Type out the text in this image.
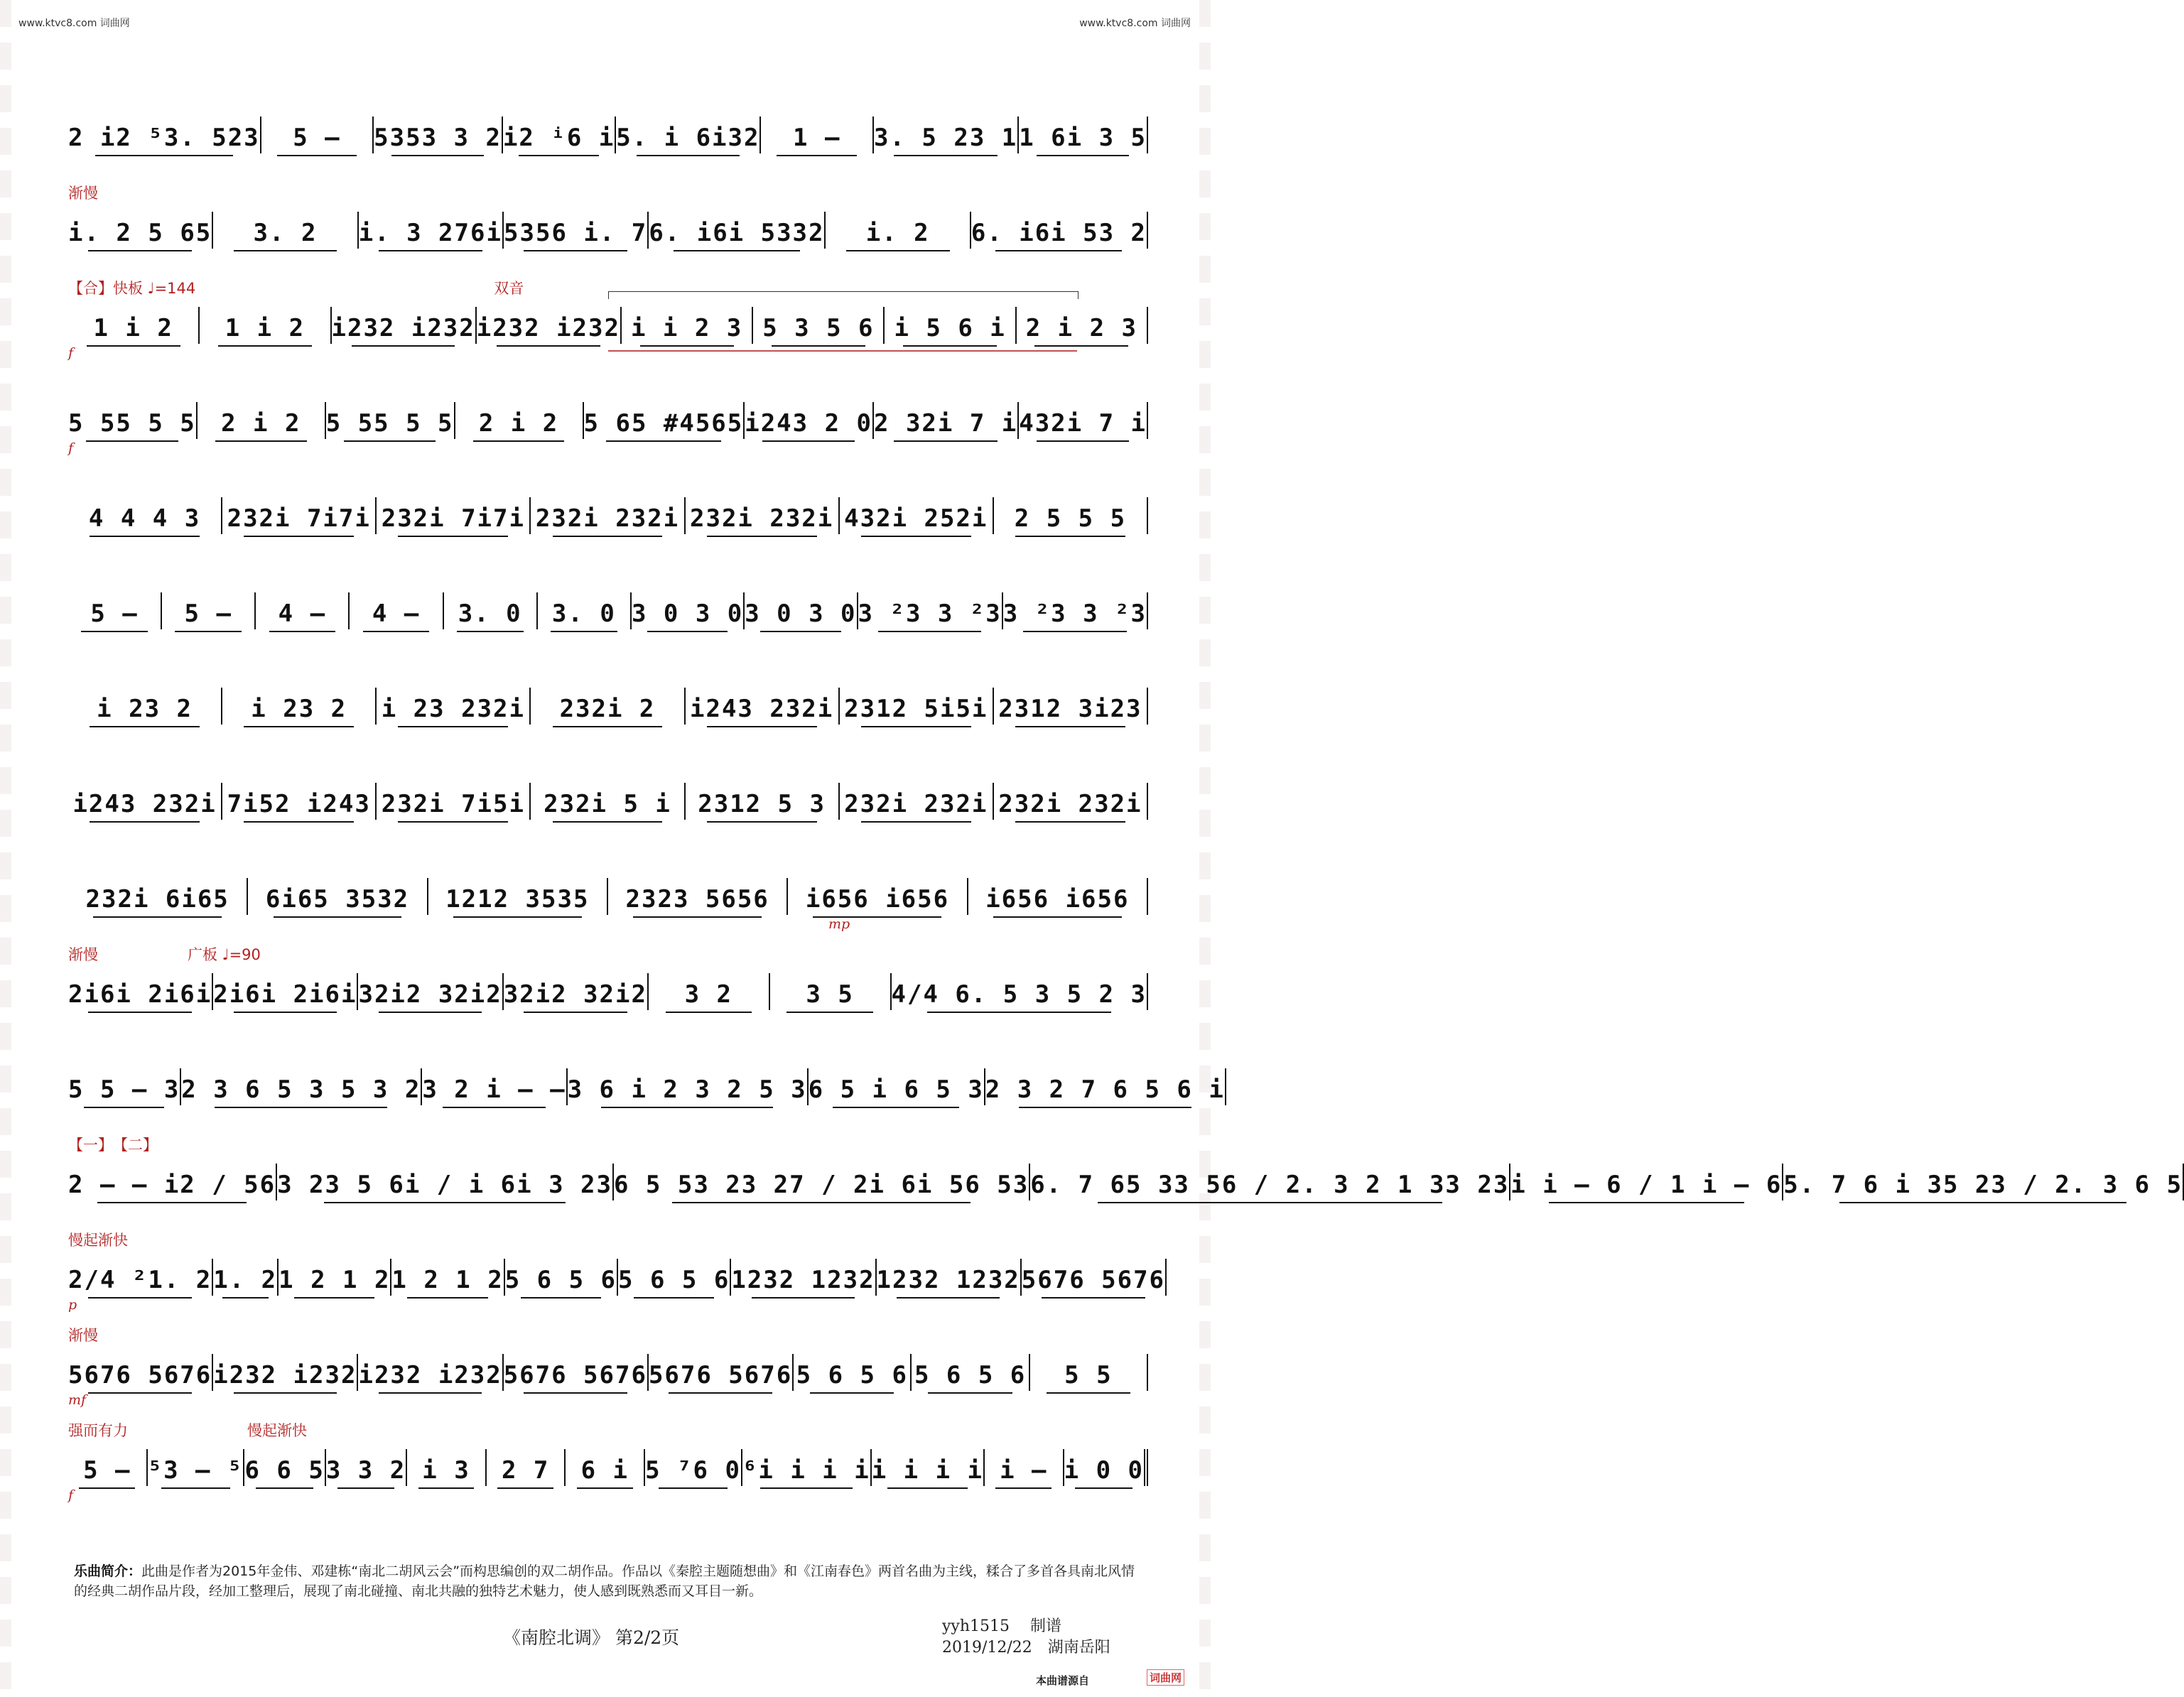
www.ktvc8.com 词曲网	www.ktvc8.com 词曲网
2 i2 ⁵3. 523	5 —	5353 3 2 i2 ⁱ6 i 5. i 6i32	1 —	3. 5 23 1 1 6i 3 5
渐慢
i. 2 5 65	3. 2	i. 3 276i 5356 i. 7 6. i6i 5332	i. 2	6. i6i 53 2
【合】快板 ♩=144　　　　　　　　　　　　　　　　　　　　双音
1 i 2	1 i 2	i232 i232 i232 i232 i i 2 3 5 3 5 6 i 5 6 i 2 i 2 3
f
5 55 5 5	2 i 2	5 55 5 5	2 i 2	5 65 #4565 i243 2 0 2 32i 7 i 432i 7 i
f
4 4 4 3	232i 7i7i 232i 7i7i 232i 232i 232i 232i 432i 252i	2 5 5 5
5 —	5 —	4 —	4 —	3. 0	3. 0 3 0 3 0 3 0 3 0 3 ²3 3 ²3 3 ²3 3 ²3
i 23 2	i 23 2	i 23 232i	232i 2	i243 232i 2312 5i5i 2312 3i23
i243 232i 7i52 i243 232i 7i5i 232i 5 i	2312 5 3 232i 232i 232i 232i
232i 6i65	6i65 3532	1212 3535	2323 5656	i656 i656	i656 i656
mp
渐慢　　　　　　广板 ♩=90
2i6i 2i6i 2i6i 2i6i 32i2 32i2 32i2 32i2	3 2	3 5	4/4 6. 5 3 5 2 3
5 5 — 3 2 3 6 5 3 5 3 2 3 2 i — — 3 6 i 2 3 2 5 3 6 5 i 6 5 3 2 3 2 7 6 5 6 i
【一】　【二】
2 — — i2 / 56 3 23 5 6i / i 6i 3 23 6 5 53 23 27 / 2i 6i 56 53 6. 7 65 33 56 / 2. 3 2 1 33 23 i i — 6 / 1 i — 6 5. 7 6 i 35 23 / 2. 3 6 5
慢起渐快
2/4 ²1. 2 1. 2 1 2 1 2 1 2 1 2 5 6 5 6 5 6 5 6 1232 1232 1232 1232 5676 5676
p
渐慢
5676 5676 i232 i232 i232 i232 5676 5676 5676 5676 5 6 5 6 5 6 5 6	5 5
mf
强而有力　　　　　　　　慢起渐快
5 — ⁵3 — ⁵ 6 6 5 3 3 2 i 3	2 7	6 i 5 ⁷6 0 ⁶i i i i i i i i i — i 0 0
f
乐曲简介：此曲是作者为2015年金伟、邓建栋“南北二胡风云会”而构思编创的双二胡作品。作品以《秦腔主题随想曲》和《江南春色》两首名曲为主线，糅合了多首各具南北风情的经典二胡作品片段，经加工整理后，展现了南北碰撞、南北共融的独特艺术魅力，使人感到既熟悉而又耳目一新。
《南腔北调》 第2/2页
yyh1515　 制谱
2019/12/22　湖南岳阳
本曲谱源自	词曲网
